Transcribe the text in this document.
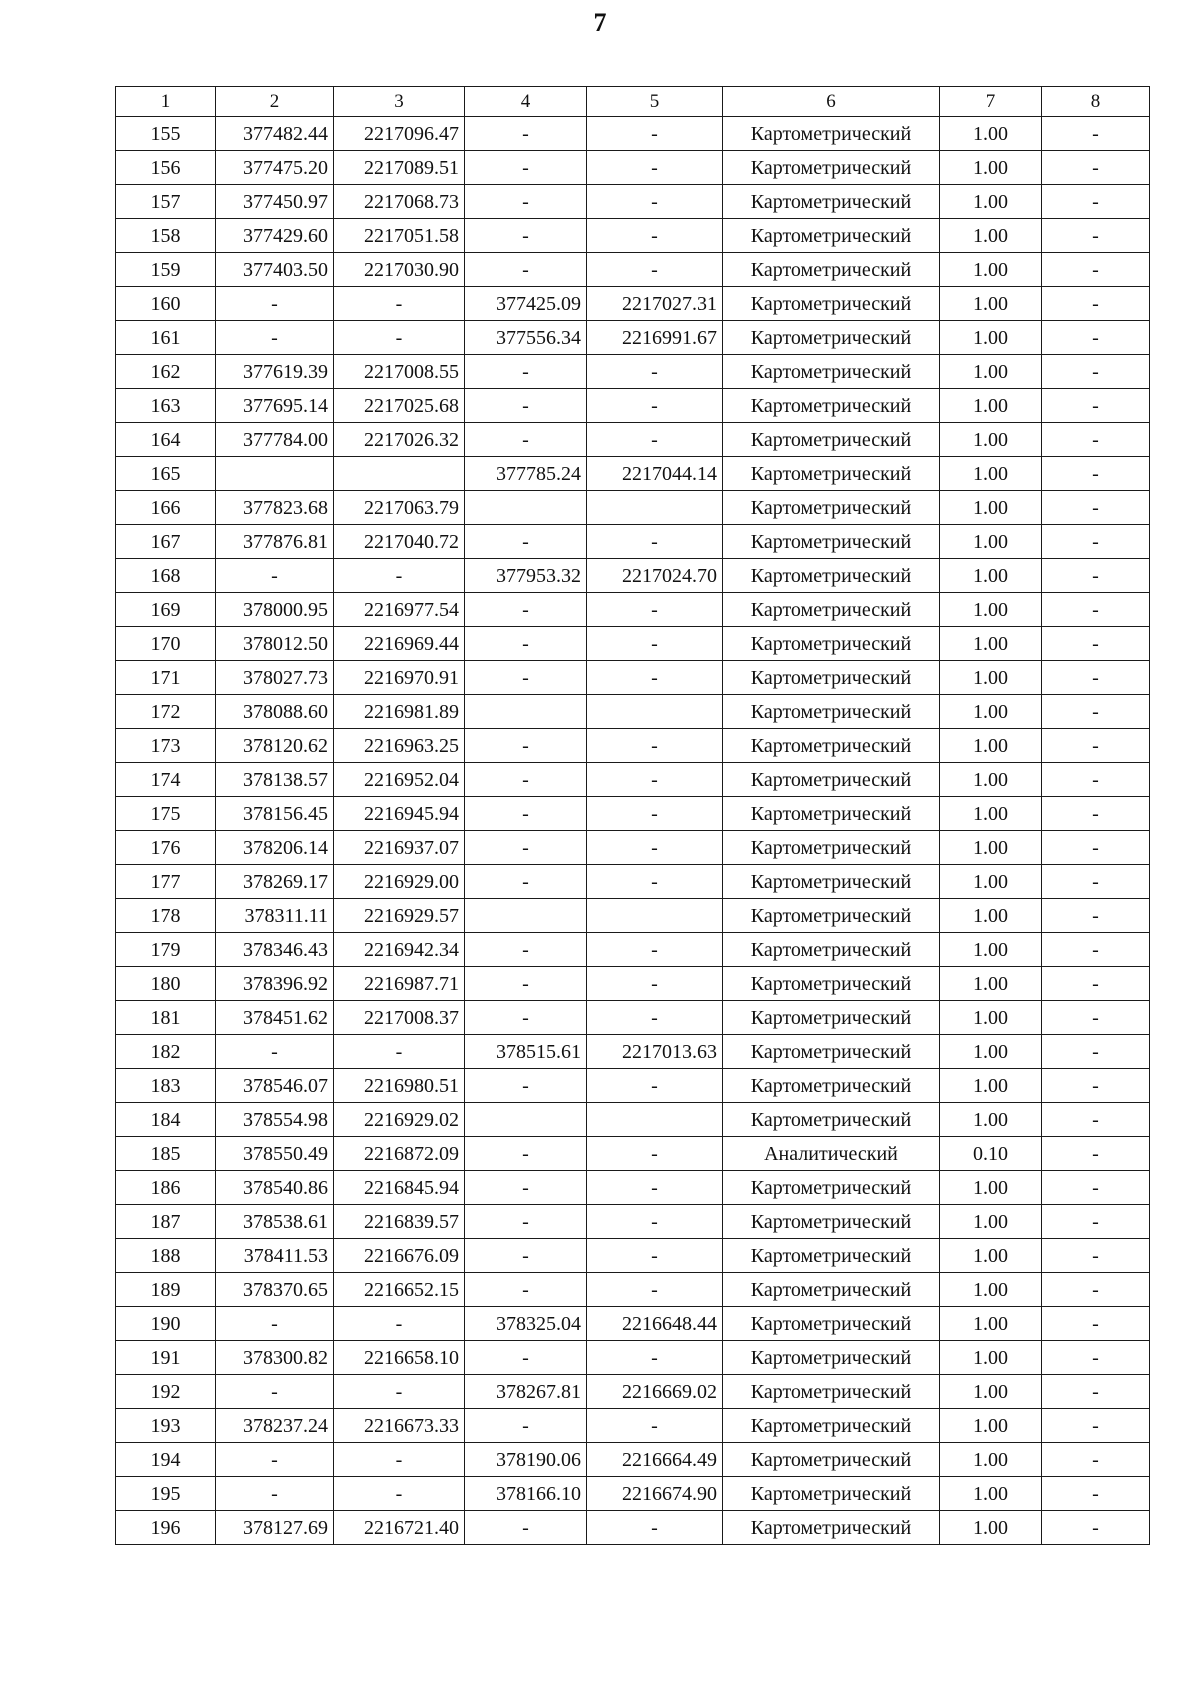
7
1	2	3	4	5	6	7	8
155	377482.44	2217096.47	-	-	Картометрический	1.00	-
156	377475.20	2217089.51	-	-	Картометрический	1.00	-
157	377450.97	2217068.73	-	-	Картометрический	1.00	-
158	377429.60	2217051.58	-	-	Картометрический	1.00	-
159	377403.50	2217030.90	-	-	Картометрический	1.00	-
160	-	-	377425.09	2217027.31	Картометрический	1.00	-
161	-	-	377556.34	2216991.67	Картометрический	1.00	-
162	377619.39	2217008.55	-	-	Картометрический	1.00	-
163	377695.14	2217025.68	-	-	Картометрический	1.00	-
164	377784.00	2217026.32	-	-	Картометрический	1.00	-
165			377785.24	2217044.14	Картометрический	1.00	-
166	377823.68	2217063.79			Картометрический	1.00	-
167	377876.81	2217040.72	-	-	Картометрический	1.00	-
168	-	-	377953.32	2217024.70	Картометрический	1.00	-
169	378000.95	2216977.54	-	-	Картометрический	1.00	-
170	378012.50	2216969.44	-	-	Картометрический	1.00	-
171	378027.73	2216970.91	-	-	Картометрический	1.00	-
172	378088.60	2216981.89			Картометрический	1.00	-
173	378120.62	2216963.25	-	-	Картометрический	1.00	-
174	378138.57	2216952.04	-	-	Картометрический	1.00	-
175	378156.45	2216945.94	-	-	Картометрический	1.00	-
176	378206.14	2216937.07	-	-	Картометрический	1.00	-
177	378269.17	2216929.00	-	-	Картометрический	1.00	-
178	378311.11	2216929.57			Картометрический	1.00	-
179	378346.43	2216942.34	-	-	Картометрический	1.00	-
180	378396.92	2216987.71	-	-	Картометрический	1.00	-
181	378451.62	2217008.37	-	-	Картометрический	1.00	-
182	-	-	378515.61	2217013.63	Картометрический	1.00	-
183	378546.07	2216980.51	-	-	Картометрический	1.00	-
184	378554.98	2216929.02			Картометрический	1.00	-
185	378550.49	2216872.09	-	-	Аналитический	0.10	-
186	378540.86	2216845.94	-	-	Картометрический	1.00	-
187	378538.61	2216839.57	-	-	Картометрический	1.00	-
188	378411.53	2216676.09	-	-	Картометрический	1.00	-
189	378370.65	2216652.15	-	-	Картометрический	1.00	-
190	-	-	378325.04	2216648.44	Картометрический	1.00	-
191	378300.82	2216658.10	-	-	Картометрический	1.00	-
192	-	-	378267.81	2216669.02	Картометрический	1.00	-
193	378237.24	2216673.33	-	-	Картометрический	1.00	-
194	-	-	378190.06	2216664.49	Картометрический	1.00	-
195	-	-	378166.10	2216674.90	Картометрический	1.00	-
196	378127.69	2216721.40	-	-	Картометрический	1.00	-
